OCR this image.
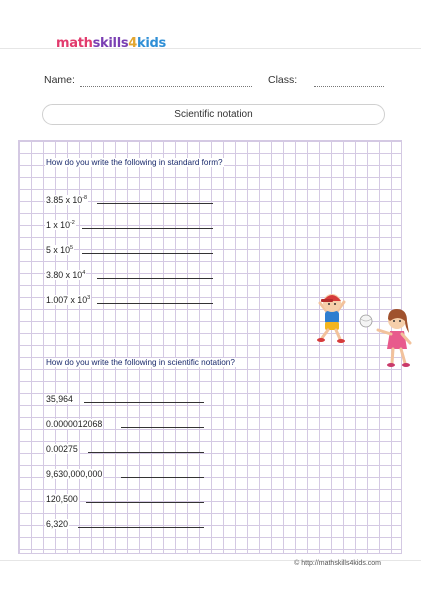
mathskills4kids
Name:	Class:
Scientific notation
How do you write the following in standard form?
3.85 x $10^{-8}$
1 x $10^{-2}$
5 x $10^5$
3.80 x $10^4$
1.007 x $10^3$
How do you write the following in scientific notation?
35,964
0.0000012068
0.00275
9,630,000,000
120,500
6,320
© http://mathskills4kids.com
